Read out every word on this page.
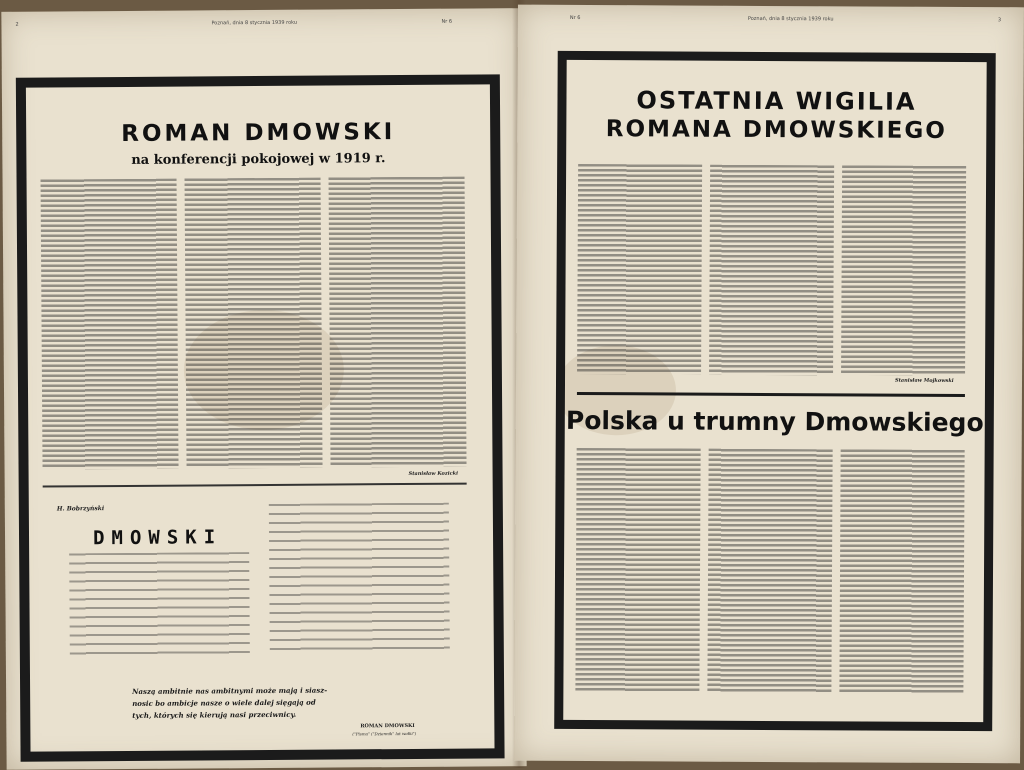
2	Poznań, dnia 8 stycznia 1939 roku	Nr 6
ROMAN DMOWSKI
na konferencji pokojowej w 1919 r.
Stanisław Kozicki
H. Bobrzyński
DMOWSKI
Naszą ambitnie nas ambitnymi może mają i siasz-
nosic bo ambicje nasze o wiele dalej sięgają od
tych, których się kierują nasi przeciwnicy.
ROMAN DMOWSKI
("Pisma" ("Dziennik" lat wałki")
Nr 6	Poznań, dnia 8 stycznia 1939 roku	3
OSTATNIA WIGILIA
ROMANA DMOWSKIEGO
Stanisław Mojkowski
Polska u trumny Dmowskiego
